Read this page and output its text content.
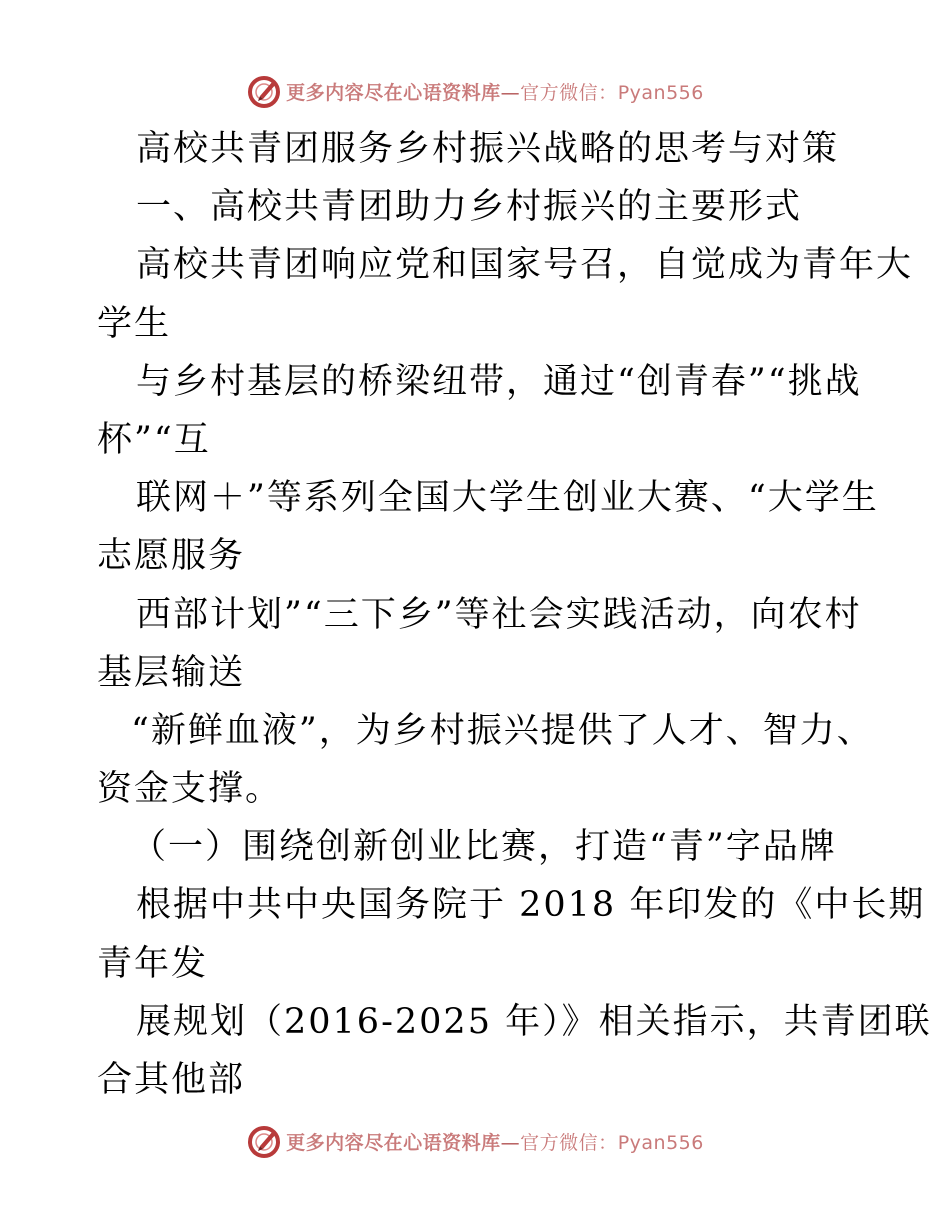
更多内容尽在心语资料库—官方微信：Pyan556
高校共青团服务乡村振兴战略的思考与对策
一、高校共青团助力乡村振兴的主要形式
高校共青团响应党和国家号召，自觉成为青年大
学生
与乡村基层的桥梁纽带，通过“创青春”“挑战
杯”“互
联网＋”等系列全国大学生创业大赛、“大学生
志愿服务
西部计划”“三下乡”等社会实践活动，向农村
基层输送
“新鲜血液”，为乡村振兴提供了人才、智力、
资金支撑。
（一）围绕创新创业比赛，打造“青”字品牌
根据中共中央国务院于 2018 年印发的《中长期
青年发
展规划（2016-2025 年）》相关指示，共青团联
合其他部
更多内容尽在心语资料库—官方微信：Pyan556
